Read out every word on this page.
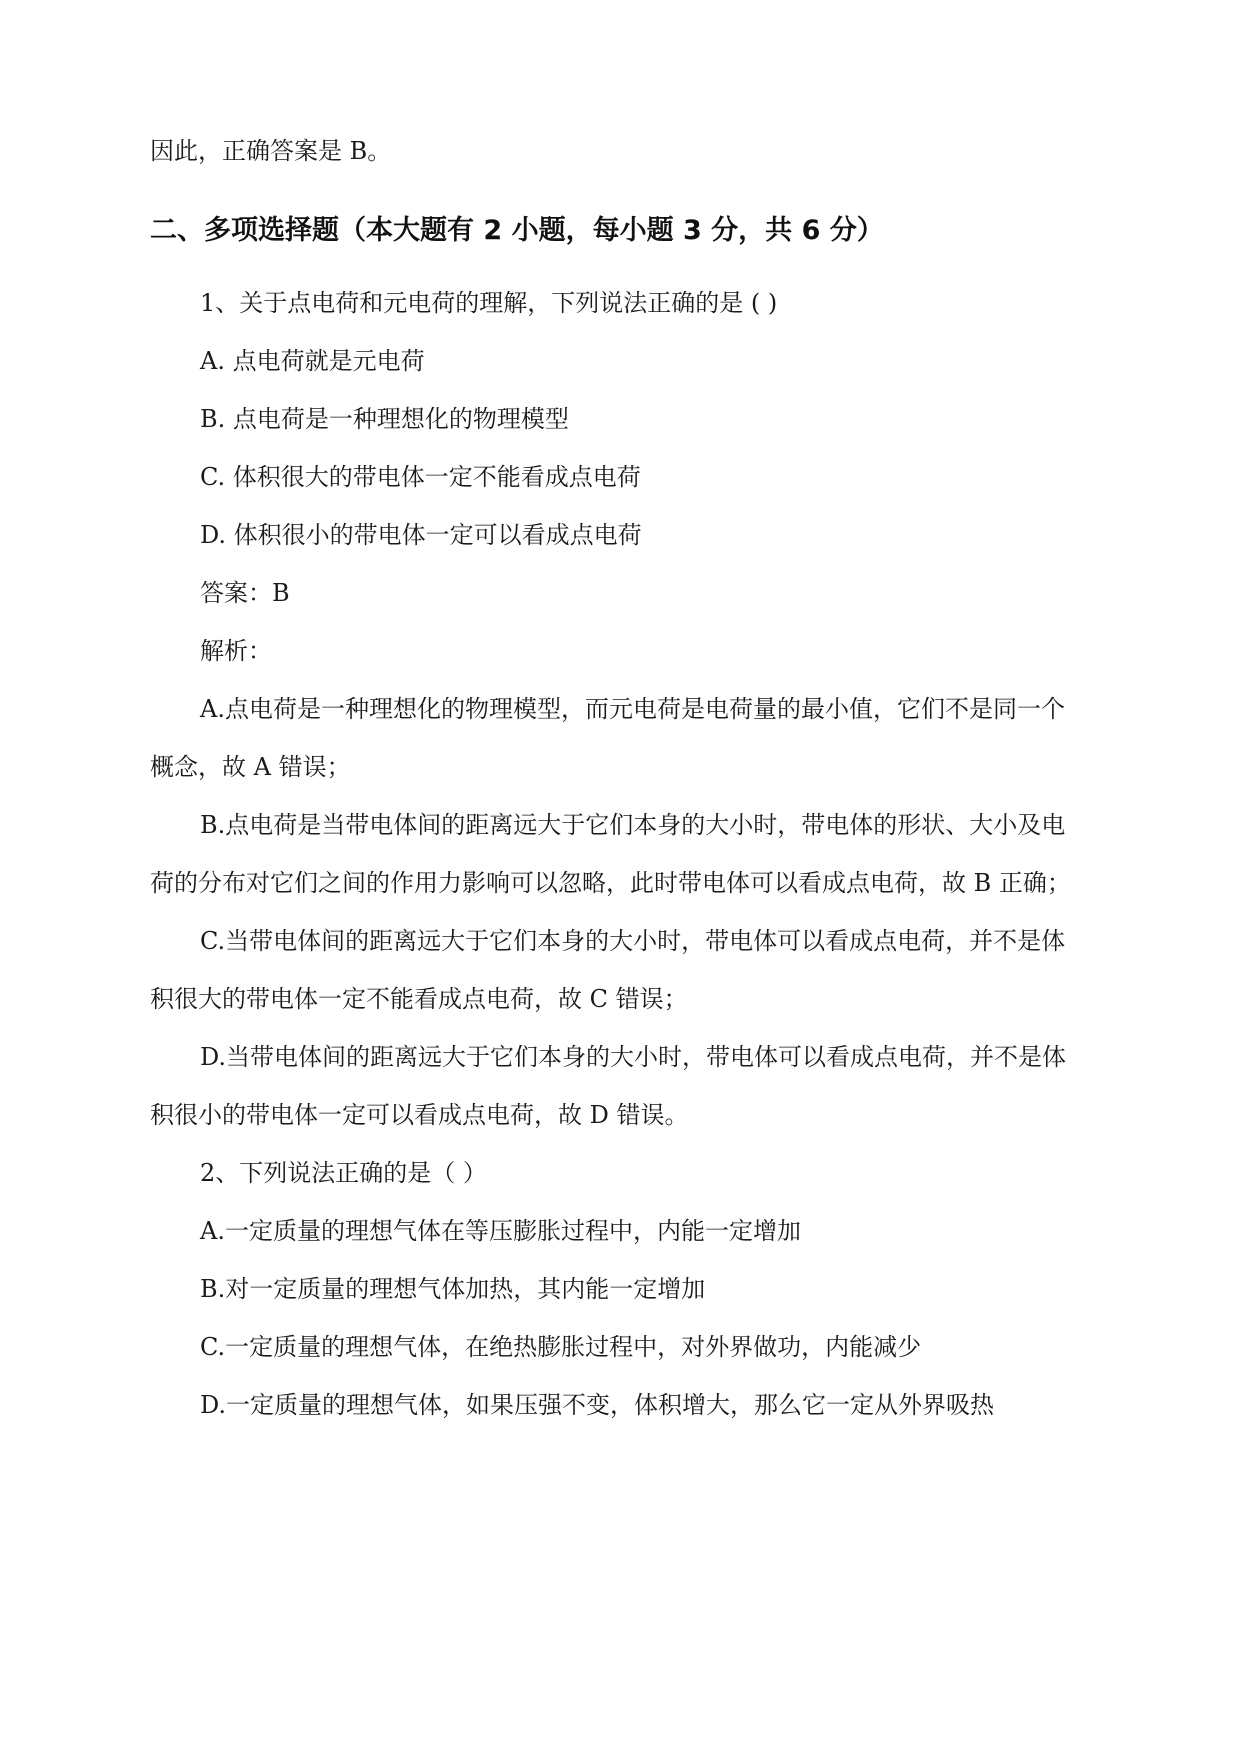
因此，正确答案是 B。
二、多项选择题（本大题有 2 小题，每小题 3 分，共 6 分）
1、关于点电荷和元电荷的理解，下列说法正确的是 ( )
A. 点电荷就是元电荷
B. 点电荷是一种理想化的物理模型
C. 体积很大的带电体一定不能看成点电荷
D. 体积很小的带电体一定可以看成点电荷
答案：B
解析：
A.点电荷是一种理想化的物理模型，而元电荷是电荷量的最小值，它们不是同一个
概念，故 A 错误；
B.点电荷是当带电体间的距离远大于它们本身的大小时，带电体的形状、大小及电
荷的分布对它们之间的作用力影响可以忽略，此时带电体可以看成点电荷，故 B 正确；
C.当带电体间的距离远大于它们本身的大小时，带电体可以看成点电荷，并不是体
积很大的带电体一定不能看成点电荷，故 C 错误；
D.当带电体间的距离远大于它们本身的大小时，带电体可以看成点电荷，并不是体
积很小的带电体一定可以看成点电荷，故 D 错误。
2、下列说法正确的是（ ）
A.一定质量的理想气体在等压膨胀过程中，内能一定增加
B.对一定质量的理想气体加热，其内能一定增加
C.一定质量的理想气体，在绝热膨胀过程中，对外界做功，内能减少
D.一定质量的理想气体，如果压强不变，体积增大，那么它一定从外界吸热
